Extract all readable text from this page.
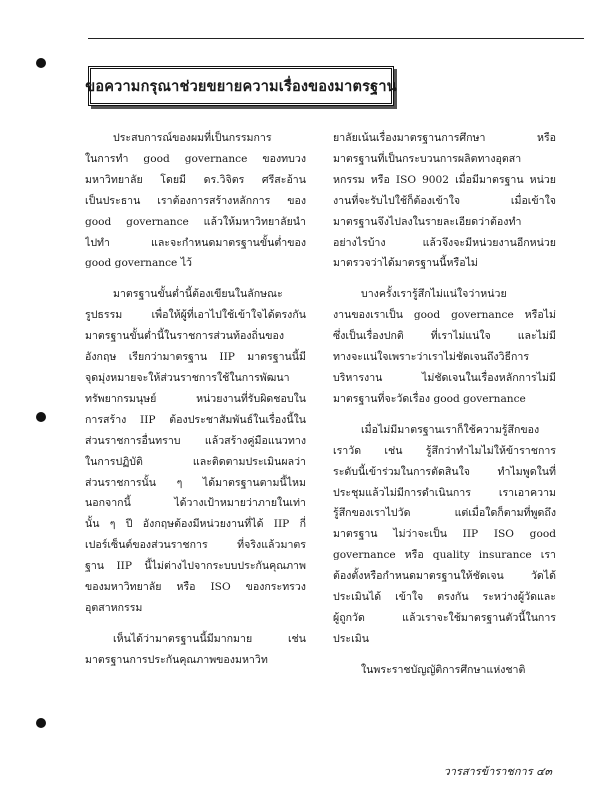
ขอความกรุณาช่วยขยายความเรื่องของมาตรฐาน
ประสบการณ์ของผมที่เป็นกรรมการ
ในการทำ good governance ของทบวง
มหาวิทยาลัย โดยมี ดร.วิจิตร ศรีสะอ้าน
เป็นประธาน เราต้องการสร้างหลักการ ของ
good governance แล้วให้มหาวิทยาลัยนำ
ไปทำ และจะกำหนดมาตรฐานขั้นต่ำของ
good governance ไว้
มาตรฐานขั้นต่ำนี้ต้องเขียนในลักษณะ
รูปธรรม เพื่อให้ผู้ที่เอาไปใช้เข้าใจได้ตรงกัน
มาตรฐานขั้นต่ำนี้ในราชการส่วนท้องถิ่นของ
อังกฤษ เรียกว่ามาตรฐาน IIP มาตรฐานนี้มี
จุดมุ่งหมายจะให้ส่วนราชการใช้ในการพัฒนา
ทรัพยากรมนุษย์ หน่วยงานที่รับผิดชอบใน
การสร้าง IIP ต้องประชาสัมพันธ์ในเรื่องนี้ใน
ส่วนราชการอื่นทราบ แล้วสร้างคู่มือแนวทาง
ในการปฏิบัติ และติดตามประเมินผลว่า
ส่วนราชการนั้น ๆ ได้มาตรฐานตามนี้ไหม
นอกจากนี้ ได้วางเป้าหมายว่าภายในเท่า
นั้น ๆ ปี อังกฤษต้องมีหน่วยงานที่ได้ IIP กี่
เปอร์เซ็นต์ของส่วนราชการ ที่จริงแล้วมาตร
ฐาน IIP นี้ไม่ต่างไปจากระบบประกันคุณภาพ
ของมหาวิทยาลัย หรือ ISO ของกระทรวง
อุตสาหกรรม
เห็นได้ว่ามาตรฐานนี้มีมากมาย เช่น
มาตรฐานการประกันคุณภาพของมหาวิท
ยาลัยเน้นเรื่องมาตรฐานการศึกษา หรือ
มาตรฐานที่เป็นกระบวนการผลิตทางอุตสา
หกรรม หรือ ISO 9002 เมื่อมีมาตรฐาน หน่วย
งานที่จะรับไปใช้ก็ต้องเข้าใจ เมื่อเข้าใจ
มาตรฐานจึงไปลงในรายละเอียดว่าต้องทำ
อย่างไรบ้าง แล้วจึงจะมีหน่วยงานอีกหน่วย
มาตรวจว่าได้มาตรฐานนี้หรือไม่
บางครั้งเรารู้สึกไม่แน่ใจว่าหน่วย
งานของเราเป็น good governance หรือไม่
ซึ่งเป็นเรื่องปกติ ที่เราไม่แน่ใจ และไม่มี
ทางจะแน่ใจเพราะว่าเราไม่ชัดเจนถึงวิธีการ
บริหารงาน ไม่ชัดเจนในเรื่องหลักการไม่มี
มาตรฐานที่จะวัดเรื่อง good governance
เมื่อไม่มีมาตรฐานเราก็ใช้ความรู้สึกของ
เราวัด เช่น รู้สึกว่าทำไมไม่ให้ข้าราชการ
ระดับนี้เข้าร่วมในการตัดสินใจ ทำไมพูดในที่
ประชุมแล้วไม่มีการดำเนินการ เราเอาความ
รู้สึกของเราไปวัด แต่เมื่อใดก็ตามที่พูดถึง
มาตรฐาน ไม่ว่าจะเป็น IIP ISO good
governance หรือ quality insurance เรา
ต้องตั้งหรือกำหนดมาตรฐานให้ชัดเจน วัดได้
ประเมินได้ เข้าใจ ตรงกัน ระหว่างผู้วัดและ
ผู้ถูกวัด แล้วเราจะใช้มาตรฐานตัวนี้ในการ
ประเมิน
ในพระราชบัญญัติการศึกษาแห่งชาติ
วารสารข้าราชการ ๔๓
